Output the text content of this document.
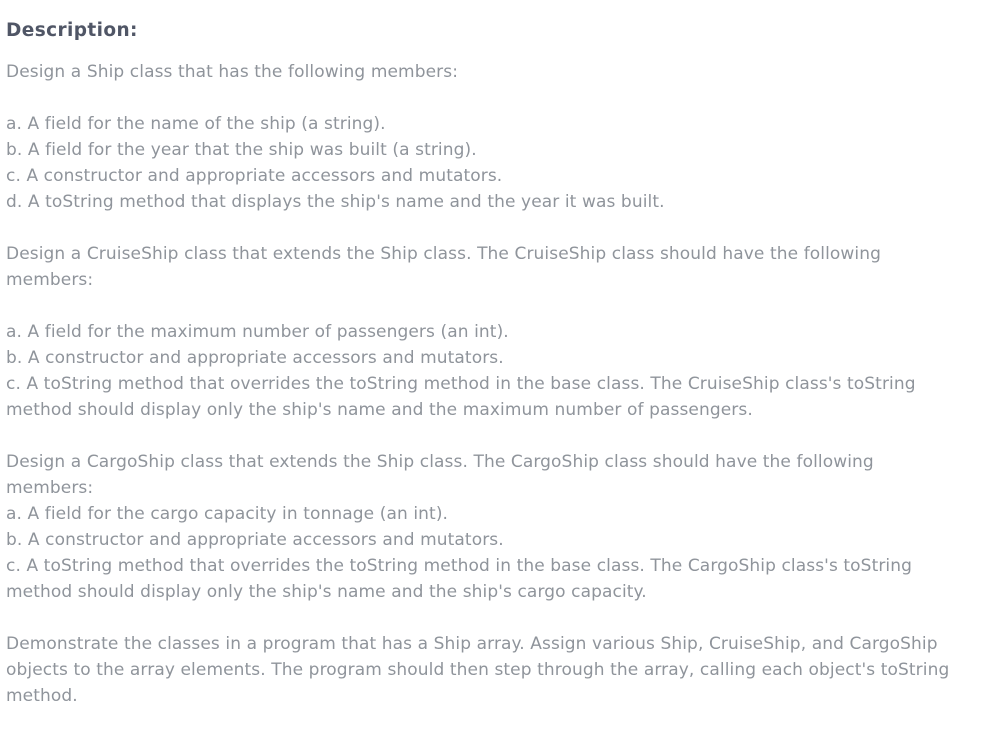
Description:
Design a Ship class that has the following members:
a. A field for the name of the ship (a string).
b. A field for the year that the ship was built (a string).
c. A constructor and appropriate accessors and mutators.
d. A toString method that displays the ship's name and the year it was built.
Design a CruiseShip class that extends the Ship class. The CruiseShip class should have the following
members:
a. A field for the maximum number of passengers (an int).
b. A constructor and appropriate accessors and mutators.
c. A toString method that overrides the toString method in the base class. The CruiseShip class's toString
method should display only the ship's name and the maximum number of passengers.
Design a CargoShip class that extends the Ship class. The CargoShip class should have the following
members:
a. A field for the cargo capacity in tonnage (an int).
b. A constructor and appropriate accessors and mutators.
c. A toString method that overrides the toString method in the base class. The CargoShip class's toString
method should display only the ship's name and the ship's cargo capacity.
Demonstrate the classes in a program that has a Ship array. Assign various Ship, CruiseShip, and CargoShip
objects to the array elements. The program should then step through the array, calling each object's toString
method.
